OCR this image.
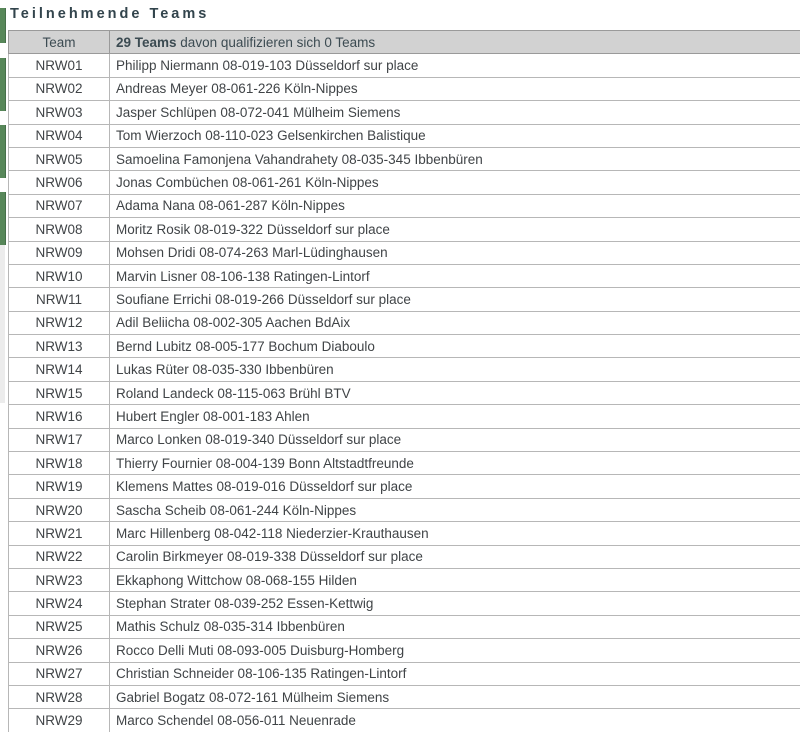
Teilnehmende Teams
Team	29 Teams davon qualifizieren sich 0 Teams
NRW01	Philipp Niermann 08-019-103 Düsseldorf sur place
NRW02	Andreas Meyer 08-061-226 Köln-Nippes
NRW03	Jasper Schlüpen 08-072-041 Mülheim Siemens
NRW04	Tom Wierzoch 08-110-023 Gelsenkirchen Balistique
NRW05	Samoelina Famonjena Vahandrahety 08-035-345 Ibbenbüren
NRW06	Jonas Combüchen 08-061-261 Köln-Nippes
NRW07	Adama Nana 08-061-287 Köln-Nippes
NRW08	Moritz Rosik 08-019-322 Düsseldorf sur place
NRW09	Mohsen Dridi 08-074-263 Marl-Lüdinghausen
NRW10	Marvin Lisner 08-106-138 Ratingen-Lintorf
NRW11	Soufiane Errichi 08-019-266 Düsseldorf sur place
NRW12	Adil Beliicha 08-002-305 Aachen BdAix
NRW13	Bernd Lubitz 08-005-177 Bochum Diaboulo
NRW14	Lukas Rüter 08-035-330 Ibbenbüren
NRW15	Roland Landeck 08-115-063 Brühl BTV
NRW16	Hubert Engler 08-001-183 Ahlen
NRW17	Marco Lonken 08-019-340 Düsseldorf sur place
NRW18	Thierry Fournier 08-004-139 Bonn Altstadtfreunde
NRW19	Klemens Mattes 08-019-016 Düsseldorf sur place
NRW20	Sascha Scheib 08-061-244 Köln-Nippes
NRW21	Marc Hillenberg 08-042-118 Niederzier-Krauthausen
NRW22	Carolin Birkmeyer 08-019-338 Düsseldorf sur place
NRW23	Ekkaphong Wittchow 08-068-155 Hilden
NRW24	Stephan Strater 08-039-252 Essen-Kettwig
NRW25	Mathis Schulz 08-035-314 Ibbenbüren
NRW26	Rocco Delli Muti 08-093-005 Duisburg-Homberg
NRW27	Christian Schneider 08-106-135 Ratingen-Lintorf
NRW28	Gabriel Bogatz 08-072-161 Mülheim Siemens
NRW29	Marco Schendel 08-056-011 Neuenrade
